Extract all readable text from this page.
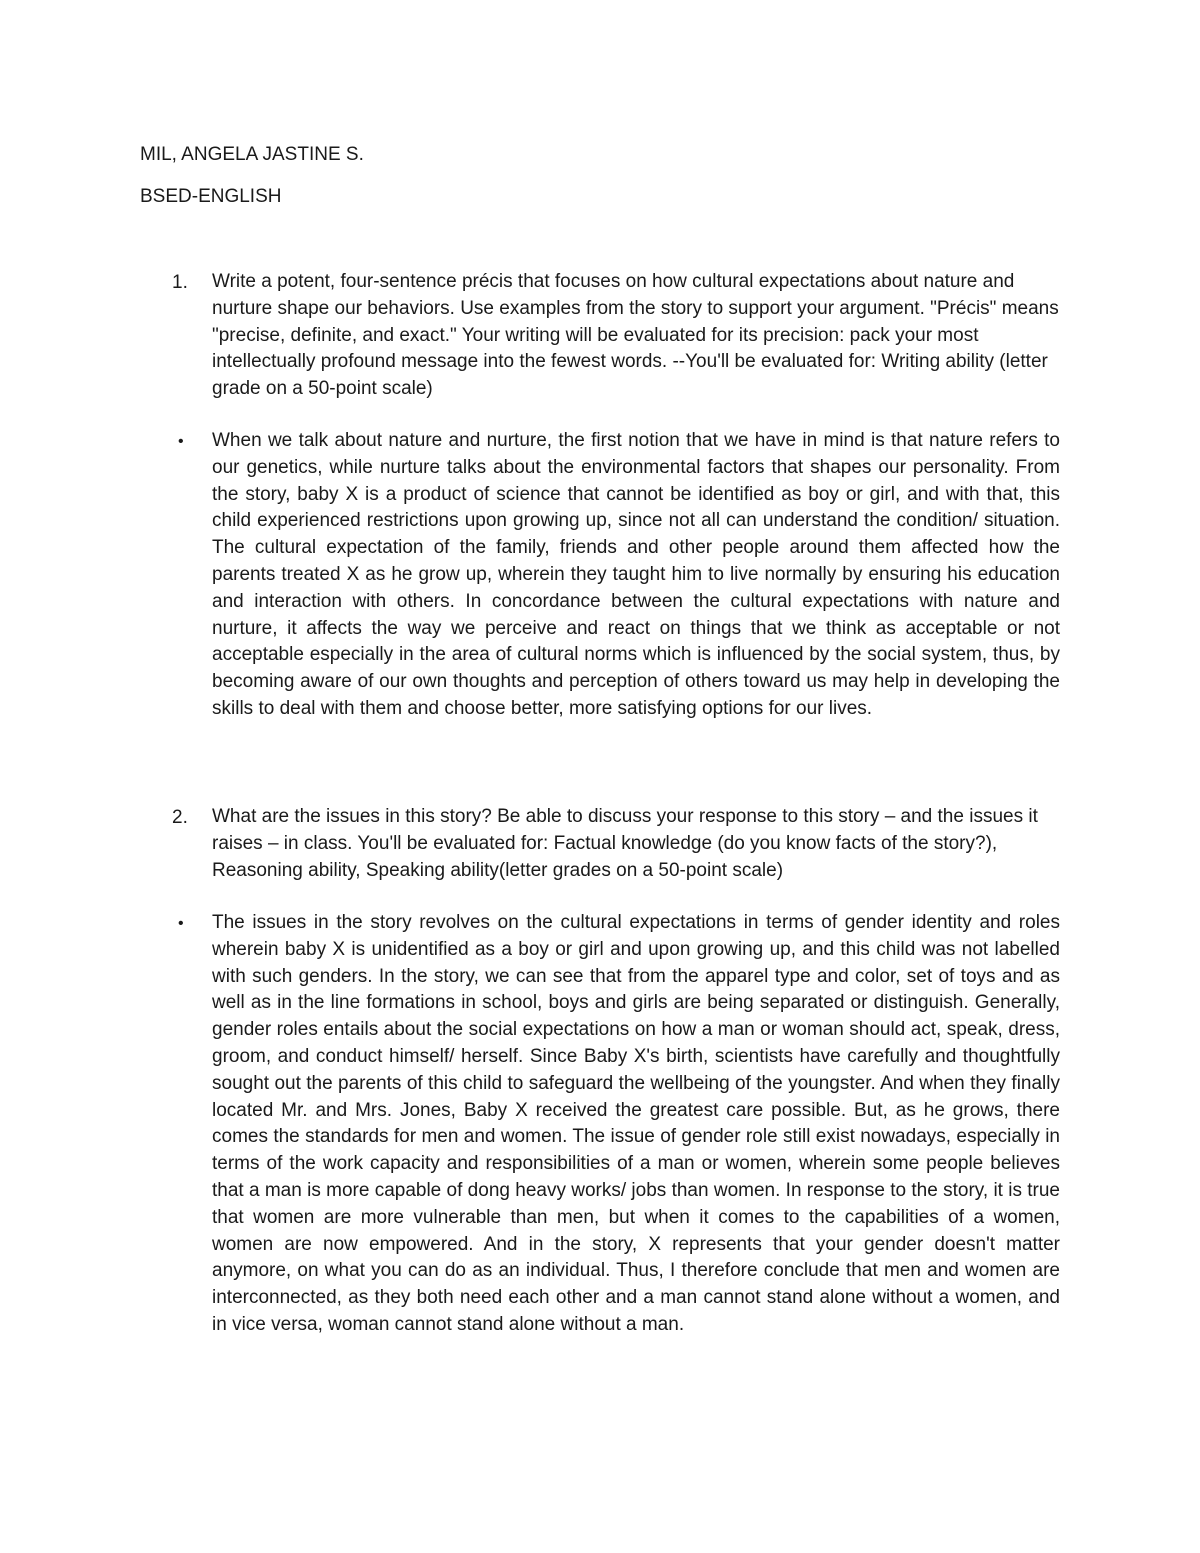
MIL, ANGELA JASTINE S.
BSED-ENGLISH
1.	Write a potent, four-sentence précis that focuses on how cultural expectations about nature and nurture shape our behaviors. Use examples from the story to support your argument. "Précis" means "precise, definite, and exact." Your writing will be evaluated for its precision: pack your most intellectually profound message into the fewest words. --You'll be evaluated for: Writing ability (letter grade on a 50-point scale)
•	When we talk about nature and nurture, the first notion that we have in mind is that nature refers to our genetics, while nurture talks about the environmental factors that shapes our personality. From the story, baby X is a product of science that cannot be identified as boy or girl, and with that, this child experienced restrictions upon growing up, since not all can understand the condition/ situation. The cultural expectation of the family, friends and other people around them affected how the parents treated X as he grow up, wherein they taught him to live normally by ensuring his education and interaction with others. In concordance between the cultural expectations with nature and nurture, it affects the way we perceive and react on things that we think as acceptable or not acceptable especially in the area of cultural norms which is influenced by the social system, thus, by becoming aware of our own thoughts and perception of others toward us may help in developing the skills to deal with them and choose better, more satisfying options for our lives.
2.	What are the issues in this story? Be able to discuss your response to this story – and the issues it raises – in class. You'll be evaluated for: Factual knowledge (do you know facts of the story?), Reasoning ability, Speaking ability(letter grades on a 50-point scale)
•	The issues in the story revolves on the cultural expectations in terms of gender identity and roles wherein baby X is unidentified as a boy or girl and upon growing up, and this child was not labelled with such genders. In the story, we can see that from the apparel type and color, set of toys and as well as in the line formations in school, boys and girls are being separated or distinguish. Generally, gender roles entails about the social expectations on how a man or woman should act, speak, dress, groom, and conduct himself/ herself. Since Baby X's birth, scientists have carefully and thoughtfully sought out the parents of this child to safeguard the wellbeing of the youngster. And when they finally located Mr. and Mrs. Jones, Baby X received the greatest care possible. But, as he grows, there comes the standards for men and women. The issue of gender role still exist nowadays, especially in terms of the work capacity and responsibilities of a man or women, wherein some people believes that a man is more capable of dong heavy works/ jobs than women. In response to the story, it is true that women are more vulnerable than men, but when it comes to the capabilities of a women, women are now empowered. And in the story, X represents that your gender doesn't matter anymore, on what you can do as an individual. Thus, I therefore conclude that men and women are interconnected, as they both need each other and a man cannot stand alone without a women, and in vice versa, woman cannot stand alone without a man.
